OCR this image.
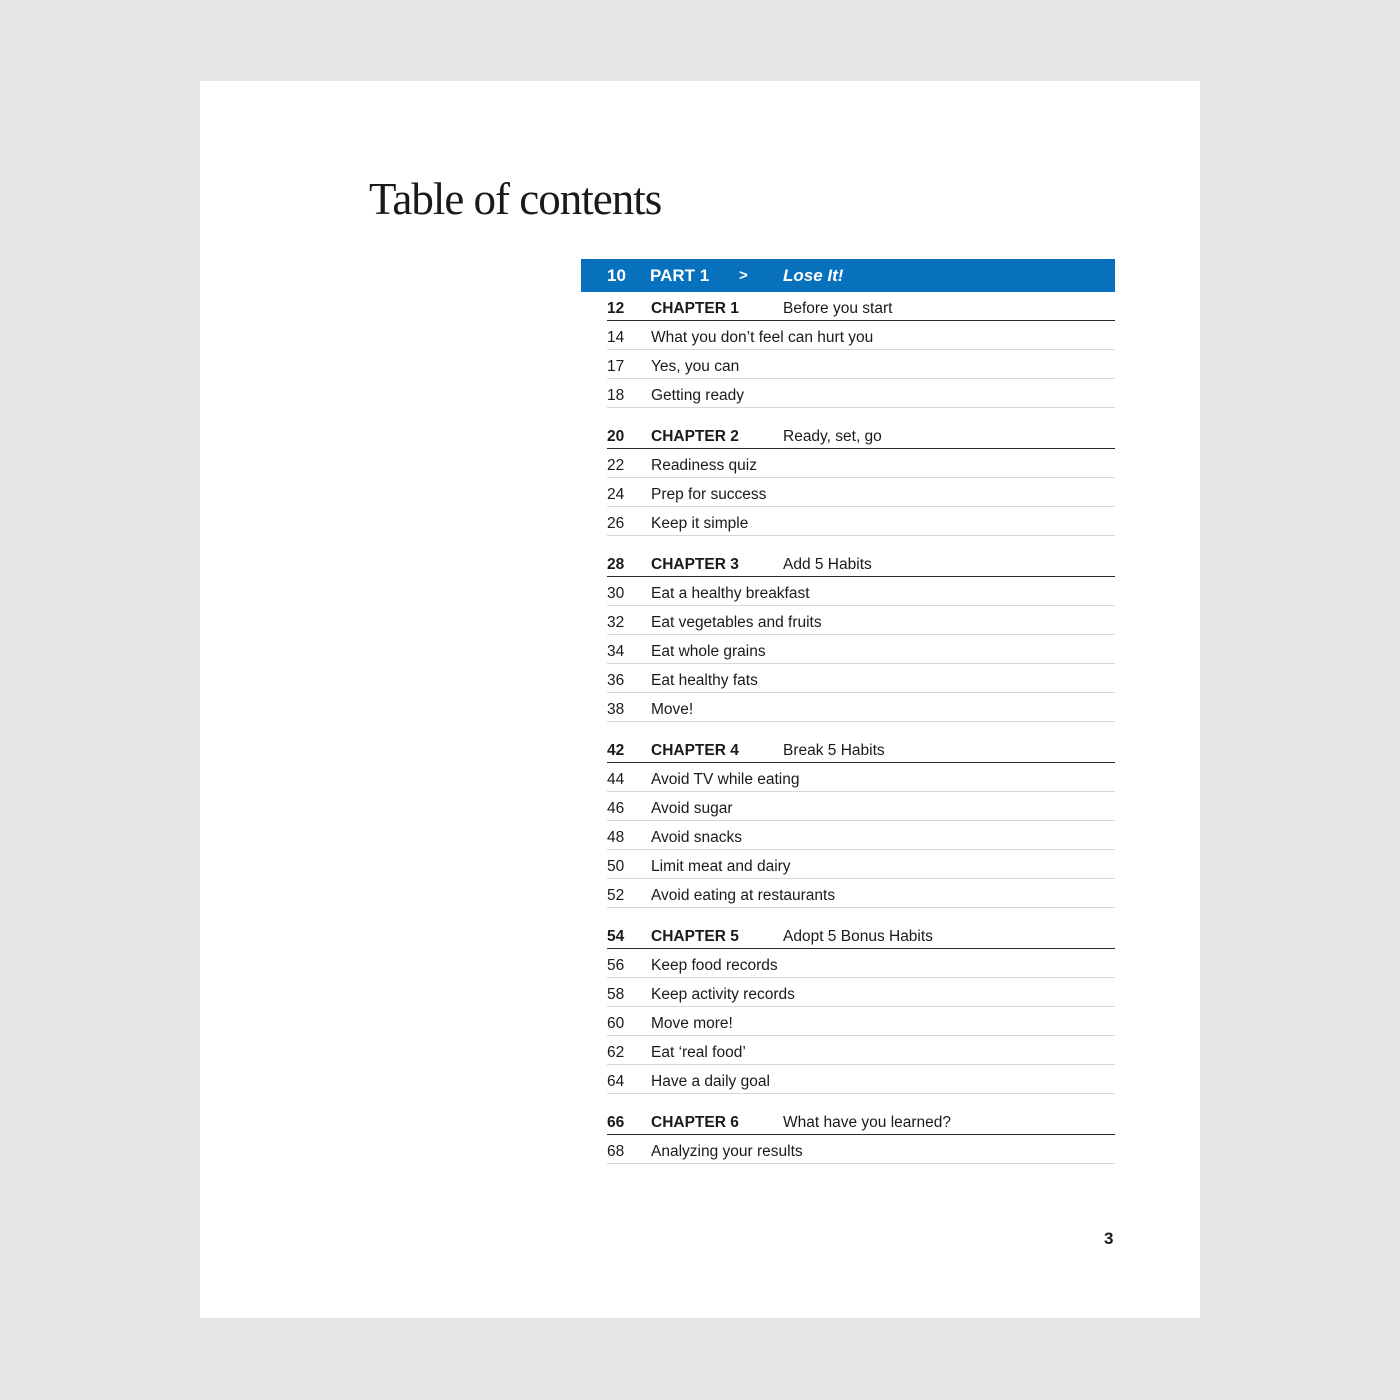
Table of contents
10 PART 1 > Lose It!
12 CHAPTER 1	Before you start
14 What you don’t feel can hurt you
17 Yes, you can
18 Getting ready
20 CHAPTER 2	Ready, set, go
22 Readiness quiz
24 Prep for success
26 Keep it simple
28 CHAPTER 3	Add 5 Habits
30 Eat a healthy breakfast
32 Eat vegetables and fruits
34 Eat whole grains
36 Eat healthy fats
38 Move!
42 CHAPTER 4	Break 5 Habits
44 Avoid TV while eating
46 Avoid sugar
48 Avoid snacks
50 Limit meat and dairy
52 Avoid eating at restaurants
54 CHAPTER 5	Adopt 5 Bonus Habits
56 Keep food records
58 Keep activity records
60 Move more!
62 Eat ‘real food’
64 Have a daily goal
66 CHAPTER 6	What have you learned?
68 Analyzing your results
3
